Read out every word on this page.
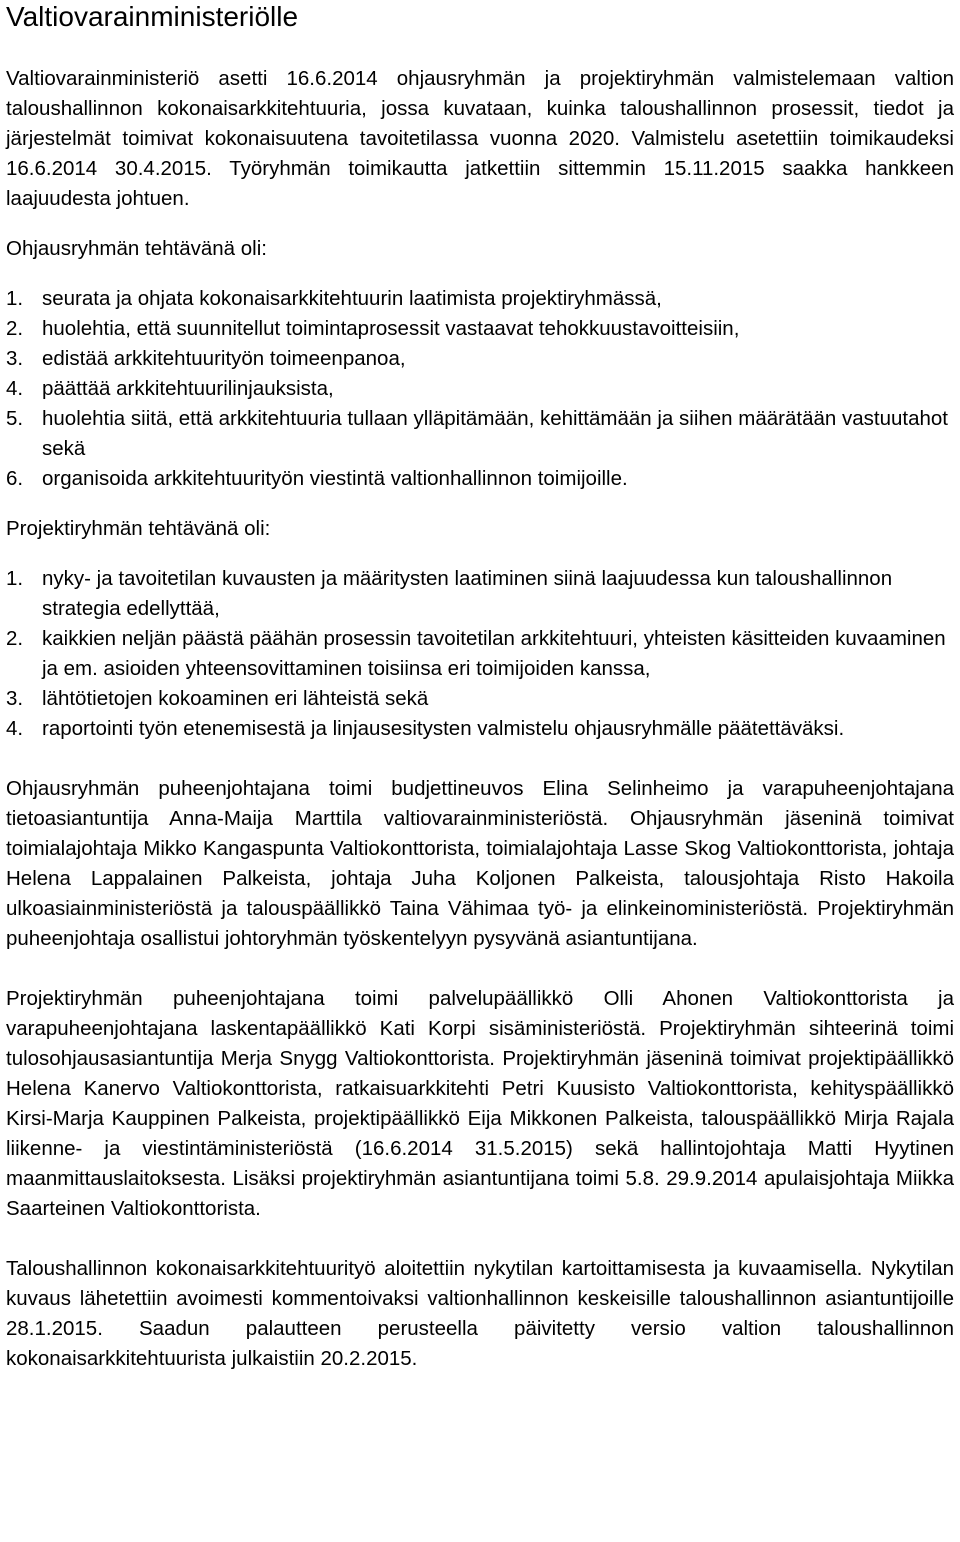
Valtiovarainministeriölle

Valtiovarainministeriö asetti 16.6.2014 ohjausryhmän ja projektiryhmän valmistelemaan valtion taloushallinnon kokonaisarkkitehtuuria, jossa kuvataan, kuinka taloushallinnon prosessit, tiedot ja järjestelmät toimivat kokonaisuutena tavoitetilassa vuonna 2020. Valmistelu asetettiin toimikaudeksi 16.6.2014 30.4.2015. Työryhmän toimikautta jatkettiin sittemmin 15.11.2015 saakka hankkeen laajuudesta johtuen.

Ohjausryhmän tehtävänä oli:
1. seurata ja ohjata kokonaisarkkitehtuurin laatimista projektiryhmässä,
2. huolehtia, että suunnitellut toimintaprosessit vastaavat tehokkuustavoitteisiin,
3. edistää arkkitehtuurityön toimeenpanoa,
4. päättää arkkitehtuurilinjauksista,
5. huolehtia siitä, että arkkitehtuuria tullaan ylläpitämään, kehittämään ja siihen määrätään vastuutahot sekä
6. organisoida arkkitehtuurityön viestintä valtionhallinnon toimijoille.
Projektiryhmän tehtävänä oli:
1. nyky- ja tavoitetilan kuvausten ja määritysten laatiminen siinä laajuudessa kun taloushallinnon strategia edellyttää,
2. kaikkien neljän päästä päähän prosessin tavoitetilan arkkitehtuuri, yhteisten käsitteiden kuvaaminen ja em. asioiden yhteensovittaminen toisiinsa eri toimijoiden kanssa,
3. lähtötietojen kokoaminen eri lähteistä sekä
4. raportointi työn etenemisestä ja linjausesitysten valmistelu ohjausryhmälle päätettäväksi.

Ohjausryhmän puheenjohtajana toimi budjettineuvos Elina Selinheimo ja varapuheenjohtajana tietoasiantuntija Anna-Maija Marttila valtiovarainministeriöstä. Ohjausryhmän jäseninä toimivat toimialajohtaja Mikko Kangaspunta Valtiokonttorista, toimialajohtaja Lasse Skog Valtiokonttorista, johtaja Helena Lappalainen Palkeista, johtaja Juha Koljonen Palkeista, talousjohtaja Risto Hakoila ulkoasiainministeriöstä ja talouspäällikkö Taina Vähimaa työ- ja elinkeinoministeriöstä. Projektiryhmän puheenjohtaja osallistui johtoryhmän työskentelyyn pysyvänä asiantuntijana.

Projektiryhmän puheenjohtajana toimi palvelupäällikkö Olli Ahonen Valtiokonttorista ja varapuheenjohtajana laskentapäällikkö Kati Korpi sisäministeriöstä. Projektiryhmän sihteerinä toimi tulosohjausasiantuntija Merja Snygg Valtiokonttorista. Projektiryhmän jäseninä toimivat projektipäällikkö Helena Kanervo Valtiokonttorista, ratkaisuarkkitehti Petri Kuusisto Valtiokonttorista, kehityspäällikkö Kirsi-Marja Kauppinen Palkeista, projektipäällikkö Eija Mikkonen Palkeista, talouspäällikkö Mirja Rajala liikenne- ja viestintäministeriöstä (16.6.2014 31.5.2015) sekä hallintojohtaja Matti Hyytinen maanmittauslaitoksesta. Lisäksi projektiryhmän asiantuntijana toimi 5.8. 29.9.2014 apulaisjohtaja Miikka Saarteinen Valtiokonttorista.

Taloushallinnon kokonaisarkkitehtuurityö aloitettiin nykytilan kartoittamisesta ja kuvaamisella. Nykytilan kuvaus lähetettiin avoimesti kommentoivaksi valtionhallinnon keskeisille taloushallinnon asiantuntijoille 28.1.2015. Saadun palautteen perusteella päivitetty versio valtion taloushallinnon kokonaisarkkitehtuurista julkaistiin 20.2.2015.
